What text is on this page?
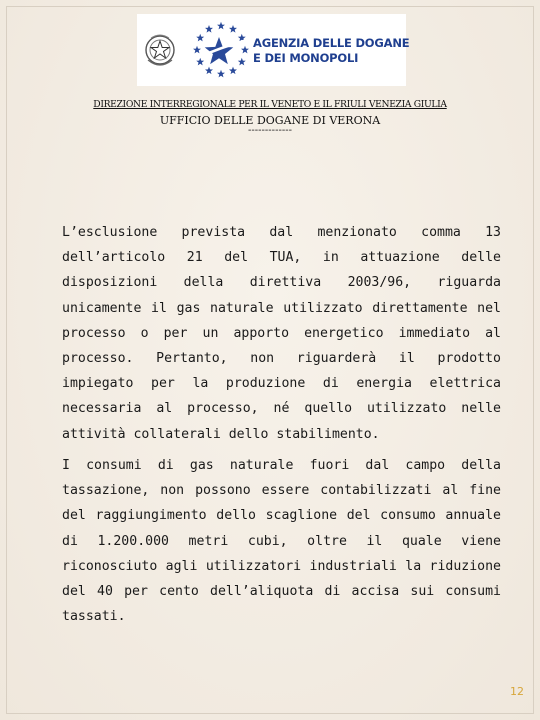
AGENZIA DELLE DOGANE
E DEI MONOPOLI
DIREZIONE INTERREGIONALE PER IL VENETO E IL FRIULI VENEZIA GIULIA
UFFICIO DELLE DOGANE DI VERONA
-------------

L’esclusione prevista dal menzionato comma 13 dell’articolo 21 del TUA, in attuazione delle disposizioni della direttiva 2003/96, riguarda unicamente il gas naturale utilizzato direttamente nel processo o per un apporto energetico immediato al processo. Pertanto, non riguarderà il prodotto impiegato per la produzione di energia elettrica necessaria al processo, né quello utilizzato nelle attività collaterali dello stabilimento.

I consumi di gas naturale fuori dal campo della tassazione, non possono essere contabilizzati al fine del raggiungimento dello scaglione del consumo annuale di 1.200.000 metri cubi, oltre il quale viene riconosciuto agli utilizzatori industriali la riduzione del 40 per cento dell’aliquota di accisa sui consumi tassati.

12
